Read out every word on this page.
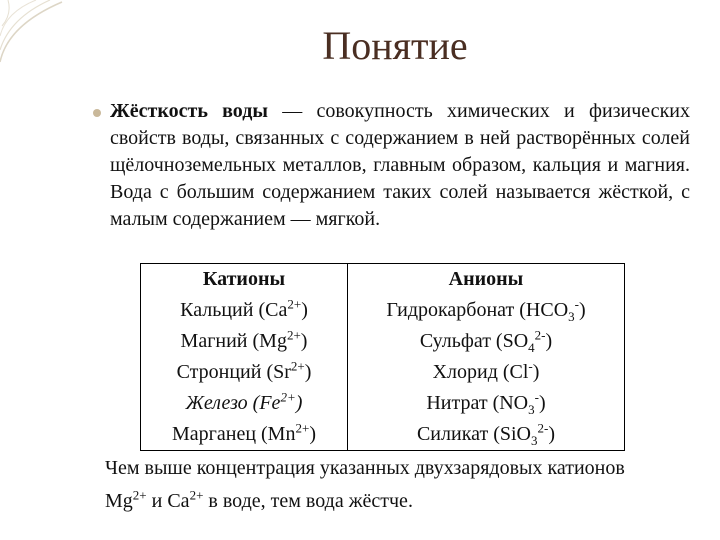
Понятие
Жёсткость воды — совокупность химических и физических свойств воды, связанных с содержанием в ней растворённых солей щёлочноземельных металлов, главным образом, кальция и магния. Вода с большим содержанием таких солей называется жёсткой, с малым содержанием — мягкой.
Катионы	Анионы
Кальций $(Ca^{2+})$	Гидрокарбонат $(HCO_3^-)$
Магний $(Mg^{2+})$	Сульфат $(SO_4^{2-})$
Стронций $(Sr^{2+})$	Хлорид (Cl-)
Железо $(Fe^{2+})$	Нитрат $(NO_3^-)$
Марганец $(Mn^{2+})$	Силикат (SiO$_3^{2-}$)
Чем выше концентрация указанных двухзарядовых катионов $Mg^{2+}$ и $Ca^{2+}$ в воде, тем вода жёстче.
